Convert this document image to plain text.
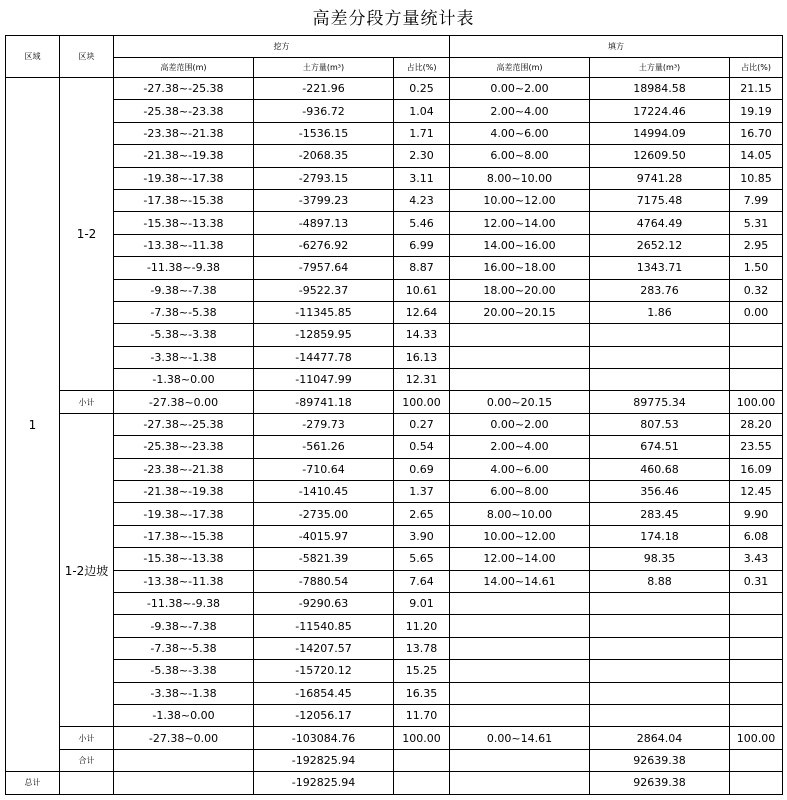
高差分段方量统计表
区域	区块	挖方			填方		
		高差范围(m)	土方量(m³)	占比(%)	高差范围(m)	土方量(m³)	占比(%)
1	1-2	-27.38~-25.38	-221.96	0.25	0.00~2.00	18984.58	21.15
		-25.38~-23.38	-936.72	1.04	2.00~4.00	17224.46	19.19
		-23.38~-21.38	-1536.15	1.71	4.00~6.00	14994.09	16.70
		-21.38~-19.38	-2068.35	2.30	6.00~8.00	12609.50	14.05
		-19.38~-17.38	-2793.15	3.11	8.00~10.00	9741.28	10.85
		-17.38~-15.38	-3799.23	4.23	10.00~12.00	7175.48	7.99
		-15.38~-13.38	-4897.13	5.46	12.00~14.00	4764.49	5.31
		-13.38~-11.38	-6276.92	6.99	14.00~16.00	2652.12	2.95
		-11.38~-9.38	-7957.64	8.87	16.00~18.00	1343.71	1.50
		-9.38~-7.38	-9522.37	10.61	18.00~20.00	283.76	0.32
		-7.38~-5.38	-11345.85	12.64	20.00~20.15	1.86	0.00
		-5.38~-3.38	-12859.95	14.33			
		-3.38~-1.38	-14477.78	16.13			
		-1.38~0.00	-11047.99	12.31			
	小计	-27.38~0.00	-89741.18	100.00	0.00~20.15	89775.34	100.00
	1-2边坡	-27.38~-25.38	-279.73	0.27	0.00~2.00	807.53	28.20
		-25.38~-23.38	-561.26	0.54	2.00~4.00	674.51	23.55
		-23.38~-21.38	-710.64	0.69	4.00~6.00	460.68	16.09
		-21.38~-19.38	-1410.45	1.37	6.00~8.00	356.46	12.45
		-19.38~-17.38	-2735.00	2.65	8.00~10.00	283.45	9.90
		-17.38~-15.38	-4015.97	3.90	10.00~12.00	174.18	6.08
		-15.38~-13.38	-5821.39	5.65	12.00~14.00	98.35	3.43
		-13.38~-11.38	-7880.54	7.64	14.00~14.61	8.88	0.31
		-11.38~-9.38	-9290.63	9.01			
		-9.38~-7.38	-11540.85	11.20			
		-7.38~-5.38	-14207.57	13.78			
		-5.38~-3.38	-15720.12	15.25			
		-3.38~-1.38	-16854.45	16.35			
		-1.38~0.00	-12056.17	11.70			
	小计	-27.38~0.00	-103084.76	100.00	0.00~14.61	2864.04	100.00
	合计		-192825.94			92639.38	
总计			-192825.94			92639.38	
